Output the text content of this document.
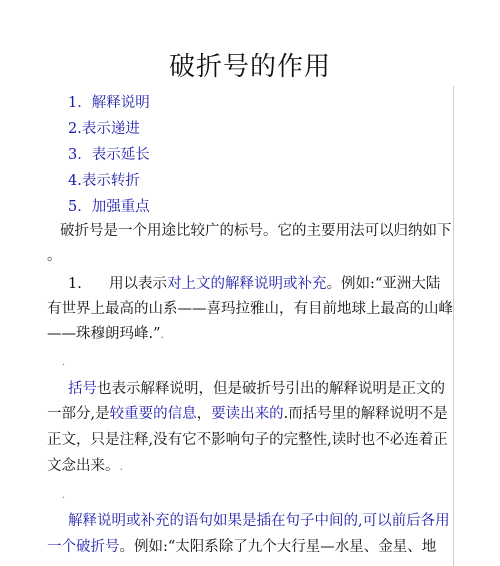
破折号的作用
1．解释说明
2.表示递进
3．表示延长
4.表示转折
5．加强重点
破折号是一个用途比较广的标号。它的主要用法可以归纳如下
。
1. 用以表示对上文的解释说明或补充。例如:“亚洲大陆
有世界上最高的山系——喜玛拉雅山，有目前地球上最高的山峰
——珠穆朗玛峰.”.
.
括号也表示解释说明，但是破折号引出的解释说明是正文的
一部分,是较重要的信息，要读出来的.而括号里的解释说明不是
正文，只是注释,没有它不影响句子的完整性,读时也不必连着正
文念出来。.
.
解释说明或补充的语句如果是插在句子中间的,可以前后各用
一个破折号。例如:“太阳系除了九个大行星—水星、金星、地
